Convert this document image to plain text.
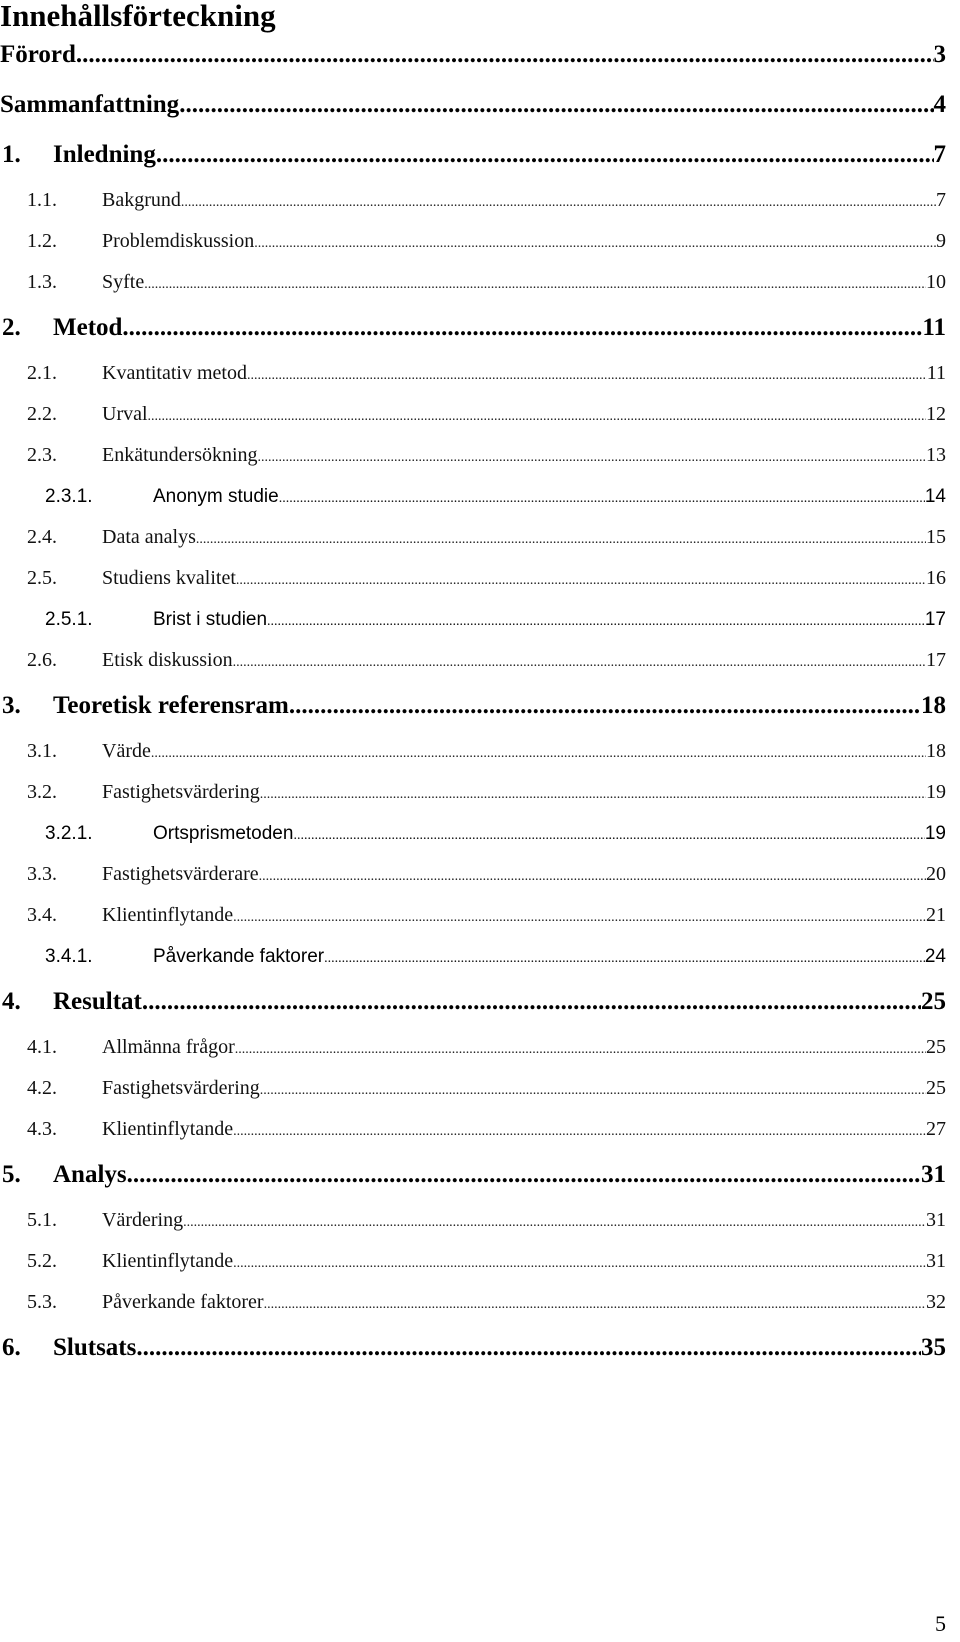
Innehållsförteckning
Förord .....	3
Sammanfattning .....	4
1.	Inledning .....	7
1.1.	Bakgrund .....	7
1.2.	Problemdiskussion .....	9
1.3.	Syfte .....	10
2.	Metod .....	11
2.1.	Kvantitativ metod .....	11
2.2.	Urval .....	12
2.3.	Enkätundersökning .....	13
2.3.1.	Anonym studie .....	14
2.4.	Data analys .....	15
2.5.	Studiens kvalitet .....	16
2.5.1.	Brist i studien .....	17
2.6.	Etisk diskussion .....	17
3.	Teoretisk referensram .....	18
3.1.	Värde .....	18
3.2.	Fastighetsvärdering .....	19
3.2.1.	Ortsprismetoden .....	19
3.3.	Fastighetsvärderare .....	20
3.4.	Klientinflytande .....	21
3.4.1.	Påverkande faktorer .....	24
4.	Resultat .....	25
4.1.	Allmänna frågor .....	25
4.2.	Fastighetsvärdering .....	25
4.3.	Klientinflytande .....	27
5.	Analys .....	31
5.1.	Värdering .....	31
5.2.	Klientinflytande .....	31
5.3.	Påverkande faktorer .....	32
6.	Slutsats .....	35
5
